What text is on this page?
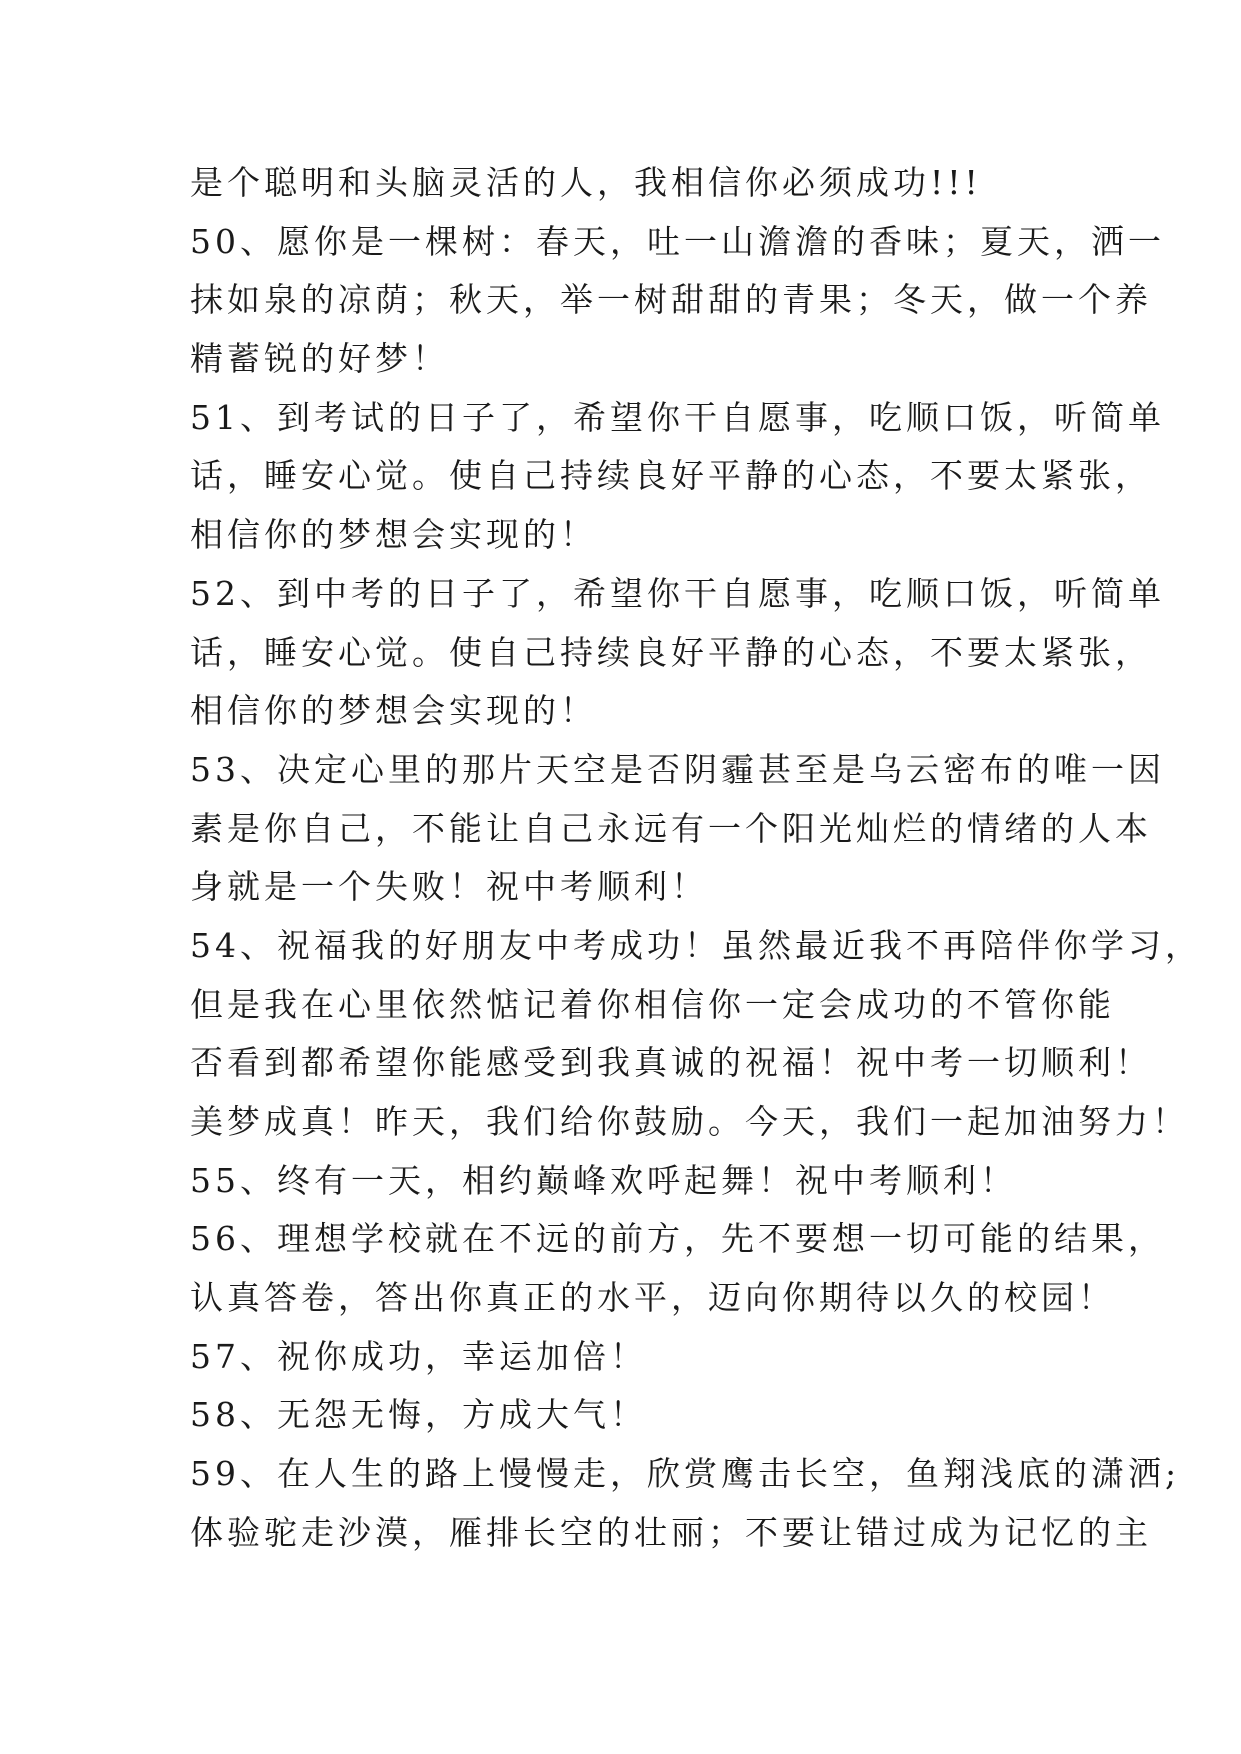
是个聪明和头脑灵活的人，我相信你必须成功!!!
50、愿你是一棵树：春天，吐一山澹澹的香味；夏天，洒一
抹如泉的凉荫；秋天，举一树甜甜的青果；冬天，做一个养
精蓄锐的好梦！
51、到考试的日子了，希望你干自愿事，吃顺口饭，听简单
话，睡安心觉。使自己持续良好平静的心态，不要太紧张，
相信你的梦想会实现的！
52、到中考的日子了，希望你干自愿事，吃顺口饭，听简单
话，睡安心觉。使自己持续良好平静的心态，不要太紧张，
相信你的梦想会实现的！
53、决定心里的那片天空是否阴霾甚至是乌云密布的唯一因
素是你自己，不能让自己永远有一个阳光灿烂的情绪的人本
身就是一个失败！祝中考顺利！
54、祝福我的好朋友中考成功！虽然最近我不再陪伴你学习，
但是我在心里依然惦记着你相信你一定会成功的不管你能
否看到都希望你能感受到我真诚的祝福！祝中考一切顺利！
美梦成真！昨天，我们给你鼓励。今天，我们一起加油努力！
55、终有一天，相约巅峰欢呼起舞！祝中考顺利！
56、理想学校就在不远的前方，先不要想一切可能的结果，
认真答卷，答出你真正的水平，迈向你期待以久的校园！
57、祝你成功，幸运加倍！
58、无怨无悔，方成大气！
59、在人生的路上慢慢走，欣赏鹰击长空，鱼翔浅底的潇洒;
体验驼走沙漠，雁排长空的壮丽；不要让错过成为记忆的主
